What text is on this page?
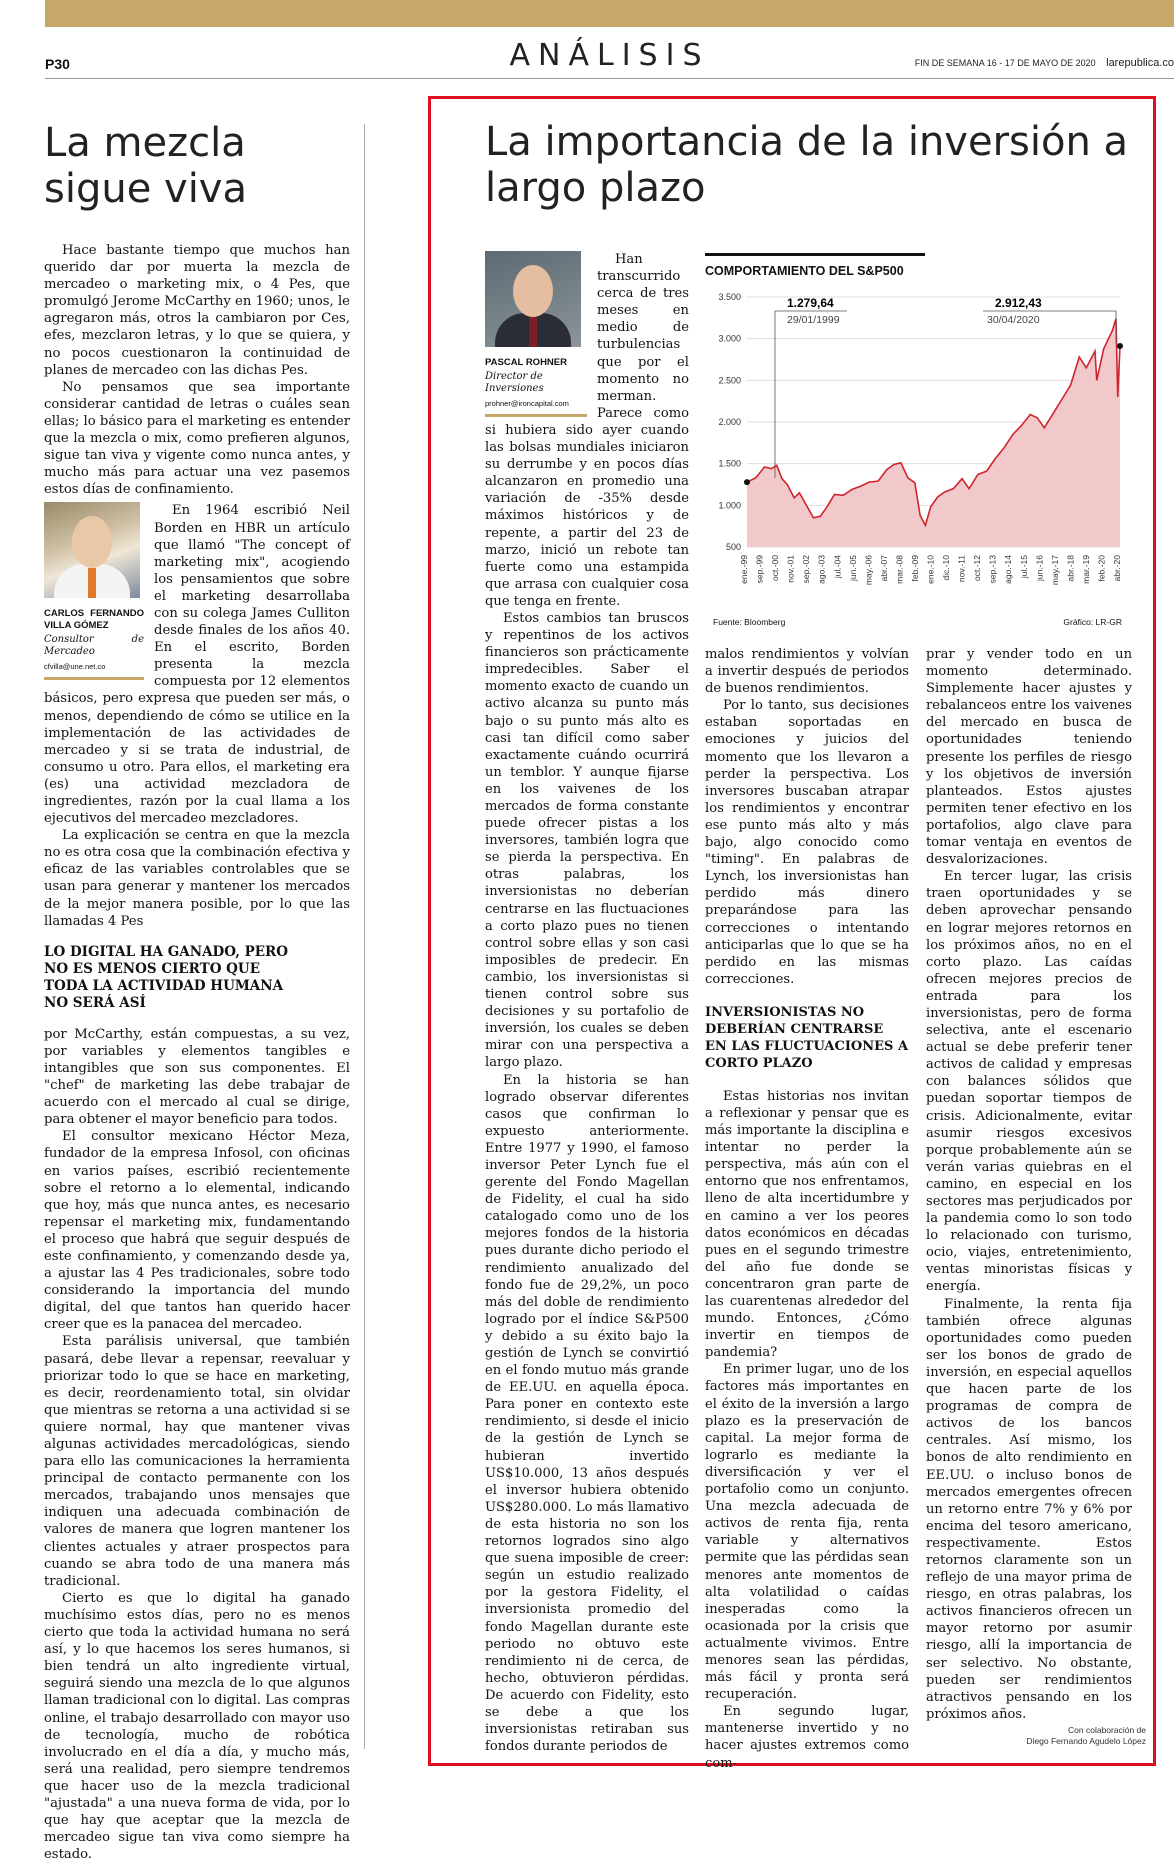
P30	ANÁLISIS	FIN DE SEMANA 16 - 17 DE MAYO DE 2020 larepublica.co
La mezcla sigue viva

Hace bastante tiempo que muchos han querido dar por muerta la mezcla de mercadeo o marketing mix, o 4 Pes, que promulgó Jerome McCarthy en 1960; unos, le agregaron más, otros la cambiaron por Ces, efes, mezclaron letras, y lo que se quiera, y no pocos cuestionaron la continuidad de planes de mercadeo con las dichas Pes.

No pensamos que sea importante considerar cantidad de letras o cuáles sean ellas; lo básico para el marketing es entender que la mezcla o mix, como prefieren algunos, sigue tan viva y vigente como nunca antes, y mucho más para actuar una vez pasemos estos días de confinamiento.

CARLOS FERNANDO VILLA GÓMEZ
Consultor de Mercadeo
cfvilla@une.net.co

En 1964 escribió Neil Borden en HBR un artículo que llamó "The concept of marketing mix", acogiendo los pensamientos que sobre el marketing desarrollaba con su colega James Culliton desde finales de los años 40. En el escrito, Borden presenta la mezcla compuesta por 12 elementos básicos, pero expresa que pueden ser más, o menos, dependiendo de cómo se utilice en la implementación de las actividades de mercadeo y si se trata de industrial, de consumo u otro. Para ellos, el marketing era (es) una actividad mezcladora de ingredientes, razón por la cual llama a los ejecutivos del mercadeo mezcladores.

La explicación se centra en que la mezcla no es otra cosa que la combinación efectiva y eficaz de las variables controlables que se usan para generar y mantener los mercados de la mejor manera posible, por lo que las llamadas 4 Pes

LO DIGITAL HA GANADO, PERO NO ES MENOS CIERTO QUE TODA LA ACTIVIDAD HUMANA NO SERÁ ASÍ

por McCarthy, están compuestas, a su vez, por variables y elementos tangibles e intangibles que son sus componentes. El "chef" de marketing las debe trabajar de acuerdo con el mercado al cual se dirige, para obtener el mayor beneficio para todos.

El consultor mexicano Héctor Meza, fundador de la empresa Infosol, con oficinas en varios países, escribió recientemente sobre el retorno a lo elemental, indicando que hoy, más que nunca antes, es necesario repensar el marketing mix, fundamentando el proceso que habrá que seguir después de este confinamiento, y comenzando desde ya, a ajustar las 4 Pes tradicionales, sobre todo considerando la importancia del mundo digital, del que tantos han querido hacer creer que es la panacea del mercadeo.

Esta parálisis universal, que también pasará, debe llevar a repensar, reevaluar y priorizar todo lo que se hace en marketing, es decir, reordenamiento total, sin olvidar que mientras se retorna a una actividad si se quiere normal, hay que mantener vivas algunas actividades mercadológicas, siendo para ello las comunicaciones la herramienta principal de contacto permanente con los mercados, trabajando unos mensajes que indiquen una adecuada combinación de valores de manera que logren mantener los clientes actuales y atraer prospectos para cuando se abra todo de una manera más tradicional.

Cierto es que lo digital ha ganado muchísimo estos días, pero no es menos cierto que toda la actividad humana no será así, y lo que hacemos los seres humanos, si bien tendrá un alto ingrediente virtual, seguirá siendo una mezcla de lo que algunos llaman tradicional con lo digital. Las compras online, el trabajo desarrollado con mayor uso de tecnología, mucho de robótica involucrado en el día a día, y mucho más, será una realidad, pero siempre tendremos que hacer uso de la mezcla tradicional "ajustada" a una nueva forma de vida, por lo que hay que aceptar que la mezcla de mercadeo sigue tan viva como siempre ha estado.

La importancia de la inversión a largo plazo
PASCAL ROHNER
Director de Inversiones
prohner@ironcapital.com

Han transcurrido cerca de tres meses en medio de turbulencias que por el momento no merman. Parece como si hubiera sido ayer cuando las bolsas mundiales iniciaron su derrumbe y en pocos días alcanzaron en promedio una variación de -35% desde máximos históricos y de repente, a partir del 23 de marzo, inició un rebote tan fuerte como una estampida que arrasa con cualquier cosa que tenga en frente.

Estos cambios tan bruscos y repentinos de los activos financieros son prácticamente impredecibles. Saber el momento exacto de cuando un activo alcanza su punto más bajo o su punto más alto es casi tan difícil como saber exactamente cuándo ocurrirá un temblor. Y aunque fijarse en los vaivenes de los mercados de forma constante puede ofrecer pistas a los inversores, también logra que se pierda la perspectiva. En otras palabras, los inversionistas no deberían centrarse en las fluctuaciones a corto plazo pues no tienen control sobre ellas y son casi imposibles de predecir. En cambio, los inversionistas si tienen control sobre sus decisiones y su portafolio de inversión, los cuales se deben mirar con una perspectiva a largo plazo.

En la historia se han logrado observar diferentes casos que confirman lo expuesto anteriormente. Entre 1977 y 1990, el famoso inversor Peter Lynch fue el gerente del Fondo Magellan de Fidelity, el cual ha sido catalogado como uno de los mejores fondos de la historia pues durante dicho periodo el rendimiento anualizado del fondo fue de 29,2%, un poco más del doble de rendimiento logrado por el índice S&P500 y debido a su éxito bajo la gestión de Lynch se convirtió en el fondo mutuo más grande de EE.UU. en aquella época. Para poner en contexto este rendimiento, si desde el inicio de la gestión de Lynch se hubieran invertido US$10.000, 13 años después el inversor hubiera obtenido US$280.000. Lo más llamativo de esta historia no son los retornos logrados sino algo que suena imposible de creer: según un estudio realizado por la gestora Fidelity, el inversionista promedio del fondo Magellan durante este periodo no obtuvo este rendimiento ni de cerca, de hecho, obtuvieron pérdidas. De acuerdo con Fidelity, esto se debe a que los inversionistas retiraban sus fondos durante periodos de

COMPORTAMIENTO DEL S&P500
3.500
3.000
2.500
2.000
1.500
1.000
500
1.279,64
29/01/1999
2.912,43
30/04/2020
ene.-99 sep.-99 oct.-00 nov.-01 sep.-02 ago.-03 jul.-04 jun.-05 may.-06 abr.-07 mar.-08 feb.-09 ene.-10 dic.-10 nov.-11 oct.-12 sep.-13 ago.-14 jul.-15 jun.-16 may.-17 abr.-18 mar.-19 feb.-20 abr.-20
Fuente: Bloomberg	Gráfico: LR-GR

malos rendimientos y volvían a invertir después de periodos de buenos rendimientos.

Por lo tanto, sus decisiones estaban soportadas en emociones y juicios del momento que los llevaron a perder la perspectiva. Los inversores buscaban atrapar los rendimientos y encontrar ese punto más alto y más bajo, algo conocido como "timing". En palabras de Lynch, los inversionistas han perdido más dinero preparándose para las correcciones o intentando anticiparlas que lo que se ha perdido en las mismas correcciones.

INVERSIONISTAS NO DEBERÍAN CENTRARSE EN LAS FLUCTUACIONES A CORTO PLAZO

Estas historias nos invitan a reflexionar y pensar que es más importante la disciplina e intentar no perder la perspectiva, más aún con el entorno que nos enfrentamos, lleno de alta incertidumbre y en camino a ver los peores datos económicos en décadas pues en el segundo trimestre del año fue donde se concentraron gran parte de las cuarentenas alrededor del mundo. Entonces, ¿Cómo invertir en tiempos de pandemia?

En primer lugar, uno de los factores más importantes en el éxito de la inversión a largo plazo es la preservación de capital. La mejor forma de lograrlo es mediante la diversificación y ver el portafolio como un conjunto. Una mezcla adecuada de activos de renta fija, renta variable y alternativos permite que las pérdidas sean menores ante momentos de alta volatilidad o caídas inesperadas como la ocasionada por la crisis que actualmente vivimos. Entre menores sean las pérdidas, más fácil y pronta será recuperación.

En segundo lugar, mantenerse invertido y no hacer ajustes extremos como com-

prar y vender todo en un momento determinado. Simplemente hacer ajustes y rebalanceos entre los vaivenes del mercado en busca de oportunidades teniendo presente los perfiles de riesgo y los objetivos de inversión planteados. Estos ajustes permiten tener efectivo en los portafolios, algo clave para tomar ventaja en eventos de desvalorizaciones.

En tercer lugar, las crisis traen oportunidades y se deben aprovechar pensando en lograr mejores retornos en los próximos años, no en el corto plazo. Las caídas ofrecen mejores precios de entrada para los inversionistas, pero de forma selectiva, ante el escenario actual se debe preferir tener activos de calidad y empresas con balances sólidos que puedan soportar tiempos de crisis. Adicionalmente, evitar asumir riesgos excesivos porque probablemente aún se verán varias quiebras en el camino, en especial en los sectores mas perjudicados por la pandemia como lo son todo lo relacionado con turismo, ocio, viajes, entretenimiento, ventas minoristas físicas y energía.

Finalmente, la renta fija también ofrece algunas oportunidades como pueden ser los bonos de grado de inversión, en especial aquellos que hacen parte de los programas de compra de activos de los bancos centrales. Así mismo, los bonos de alto rendimiento en EE.UU. o incluso bonos de mercados emergentes ofrecen un retorno entre 7% y 6% por encima del tesoro americano, respectivamente. Estos retornos claramente son un reflejo de una mayor prima de riesgo, en otras palabras, los activos financieros ofrecen un mayor retorno por asumir riesgo, allí la importancia de ser selectivo. No obstante, pueden ser rendimientos atractivos pensando en los próximos años.

Con colaboración de
Diego Fernando Agudelo López
